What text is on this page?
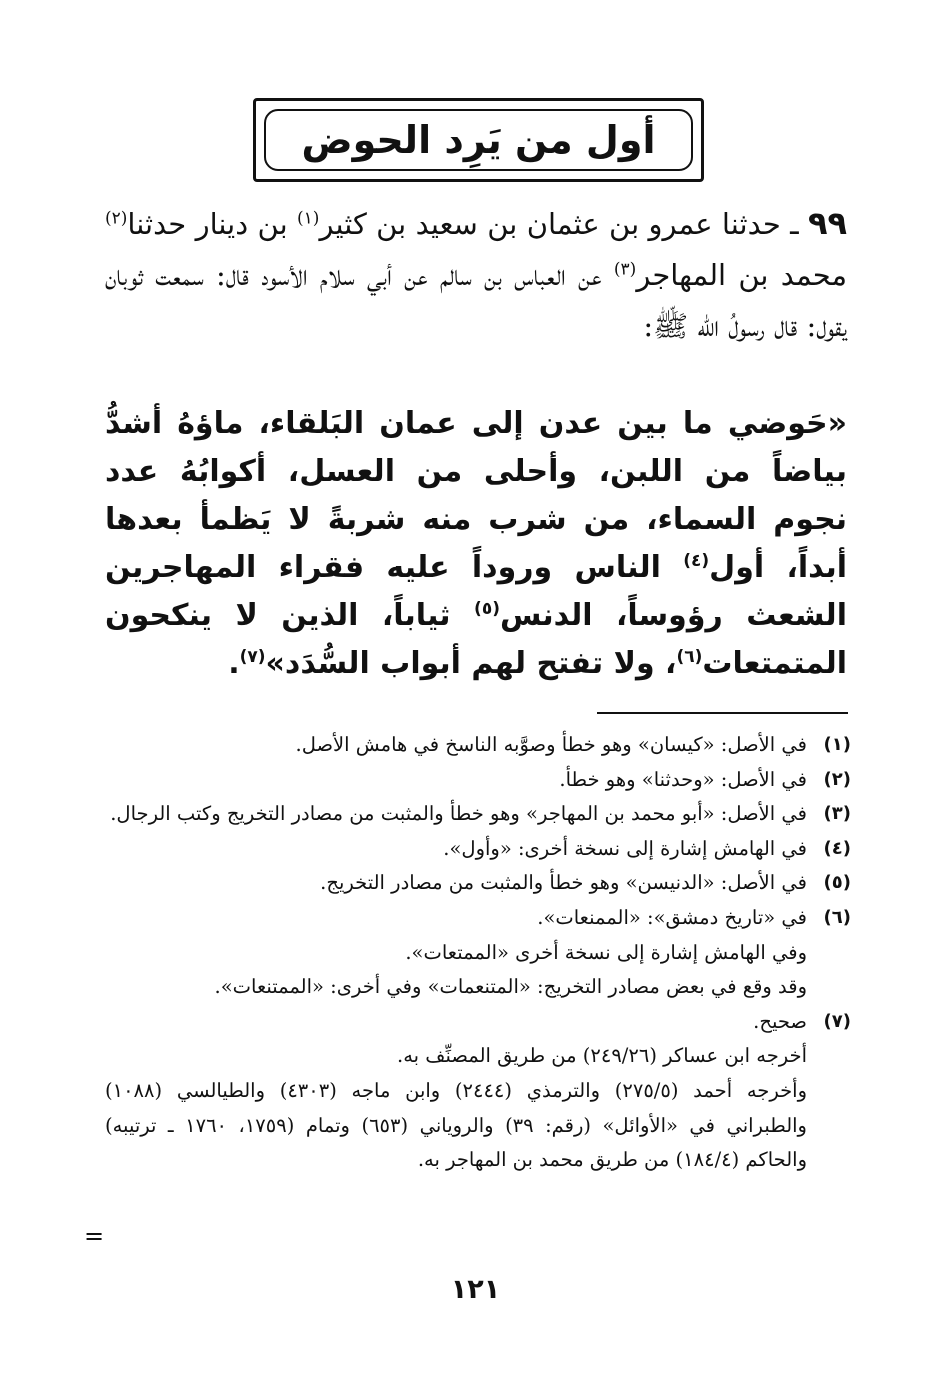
أول من يَرِد الحوض

٩٩ ـ حدثنا عمرو بن عثمان بن سعيد بن كثير$^{(١)}$ بن دينار حدثنا$^{(٢)}$ محمد بن المهاجر$^{(٣)}$ عن العباس بن سالم عن أبي سلام الأسود قال: سمعت ثوبان يقول: قال رسولُ الله ﷺ:

«حَوضي ما بين عدن إلى عمان البَلقاء، ماؤهُ أشدُّ بياضاً من اللبن، وأحلى من العسل، أكوابُهُ عدد نجوم السماء، من شرب منه شربةً لا يَظمأ بعدها أبداً، أول$^{(٤)}$ الناس وروداً عليه فقراء المهاجرين الشعث رؤوساً، الدنس$^{(٥)}$ ثياباً، الذين لا ينكحون المتمتعات$^{(٦)}$، ولا تفتح لهم أبواب السُّدَد»$^{(٧)}$.

(١)
في الأصل: «كيسان» وهو خطأ وصوَّبه الناسخ في هامش الأصل.
(٢)
في الأصل: «وحدثنا» وهو خطأ.
(٣)
في الأصل: «أبو محمد بن المهاجر» وهو خطأ والمثبت من مصادر التخريج وكتب الرجال.
(٤)
في الهامش إشارة إلى نسخة أخرى: «وأول».
(٥)
في الأصل: «الدنيسن» وهو خطأ والمثبت من مصادر التخريج.
(٦)
في «تاريخ دمشق»: «الممنعات».
وفي الهامش إشارة إلى نسخة أخرى «الممتعات».
وقد وقع في بعض مصادر التخريج: «المتنعمات» وفي أخرى: «الممتنعات».
(٧)
صحيح.
أخرجه ابن عساكر (٢٤٩/٢٦) من طريق المصنِّف به.
وأخرجه أحمد (٢٧٥/٥) والترمذي (٢٤٤٤) وابن ماجه (٤٣٠٣) والطيالسي (١٠٨٨) والطبراني في «الأوائل» (رقم: ٣٩) والروياني (٦٥٣) وتمام (١٧٥٩، ١٧٦٠ ـ ترتيبه) والحاكم (١٨٤/٤) من طريق محمد بن المهاجر به.
=
١٢١
